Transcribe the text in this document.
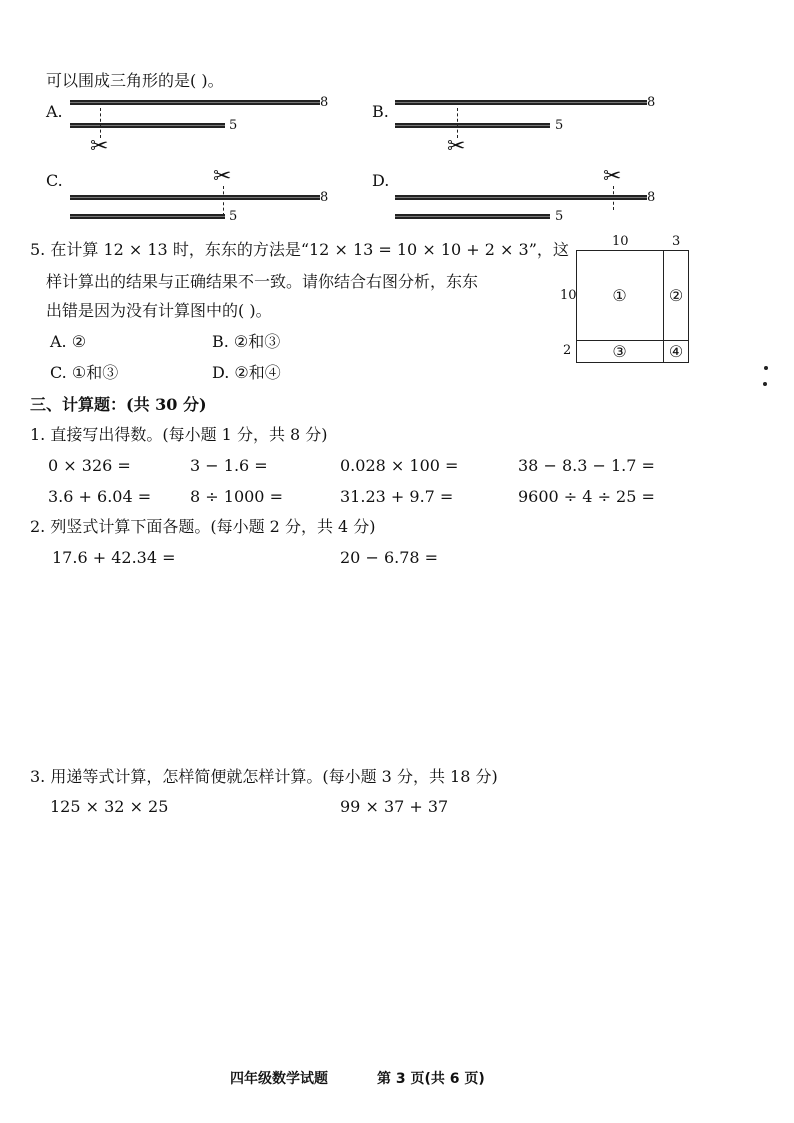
可以围成三角形的是( )。
A.	8
5
✂
B.	8
5
✂
C.	✂
8
5
D.	✂
8
5
5. 在计算 12 × 13 时，东东的方法是“12 × 13 = 10 × 10 + 2 × 3”，这
样计算出的结果与正确结果不一致。请你结合右图分析，东东
出错是因为没有计算图中的( )。
A. ②	B. ②和③
C. ①和③	D. ②和④
10	3
10
2
①	②
③	④
三、计算题：(共 30 分)
1. 直接写出得数。(每小题 1 分，共 8 分)
0 × 326 =	3 − 1.6 =	0.028 × 100 =	38 − 8.3 − 1.7 =
3.6 + 6.04 = 8 ÷ 1000 =	31.23 + 9.7 =	9600 ÷ 4 ÷ 25 =
2. 列竖式计算下面各题。(每小题 2 分，共 4 分)
17.6 + 42.34 =	20 − 6.78 =
3. 用递等式计算，怎样简便就怎样计算。(每小题 3 分，共 18 分)
125 × 32 × 25	99 × 37 + 37
四年级数学试题	第 3 页(共 6 页)
